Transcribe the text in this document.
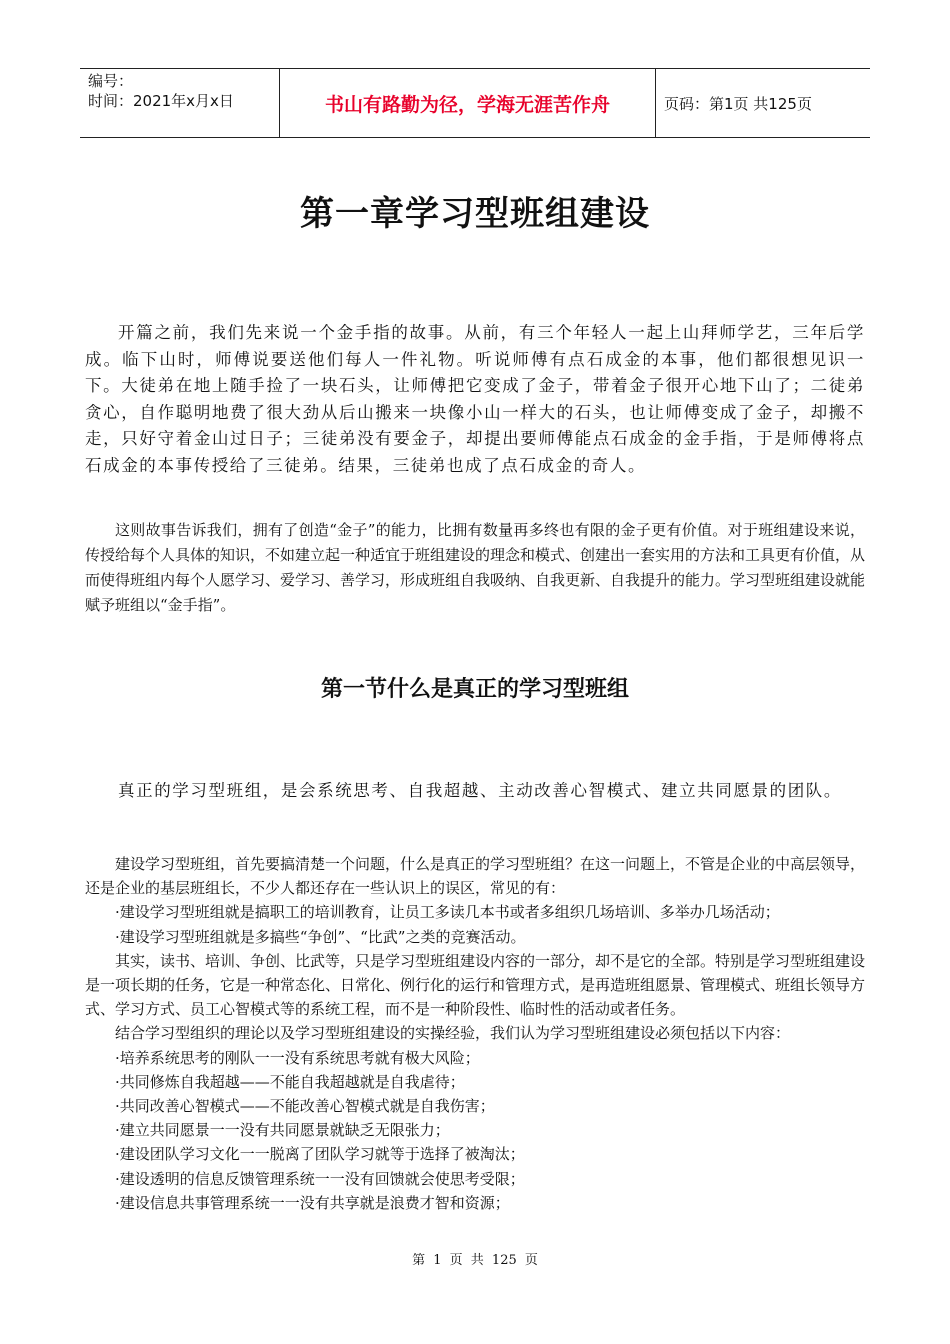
编号：
时间：2021年x月x日	书山有路勤为径，学海无涯苦作舟	页码：第1页 共125页
第一章学习型班组建设

开篇之前，我们先来说一个金手指的故事。从前，有三个年轻人一起上山拜师学艺，三年后学成。临下山时，师傅说要送他们每人一件礼物。听说师傅有点石成金的本事，他们都很想见识一下。大徒弟在地上随手捡了一块石头，让师傅把它变成了金子，带着金子很开心地下山了；二徒弟贪心，自作聪明地费了很大劲从后山搬来一块像小山一样大的石头，也让师傅变成了金子，却搬不走，只好守着金山过日子；三徒弟没有要金子，却提出要师傅能点石成金的金手指，于是师傅将点石成金的本事传授给了三徒弟。结果，三徒弟也成了点石成金的奇人。

这则故事告诉我们，拥有了创造“金子”的能力，比拥有数量再多终也有限的金子更有价值。对于班组建设来说，传授给每个人具体的知识，不如建立起一种适宜于班组建设的理念和模式、创建出一套实用的方法和工具更有价值，从而使得班组内每个人愿学习、爱学习、善学习，形成班组自我吸纳、自我更新、自我提升的能力。学习型班组建设就能赋予班组以“金手指”。

第一节什么是真正的学习型班组

真正的学习型班组，是会系统思考、自我超越、主动改善心智模式、建立共同愿景的团队。

建设学习型班组，首先要搞清楚一个问题，什么是真正的学习型班组？在这一问题上，不管是企业的中高层领导，还是企业的基层班组长，不少人都还存在一些认识上的误区，常见的有：

·建设学习型班组就是搞职工的培训教育，让员工多读几本书或者多组织几场培训、多举办几场活动；

·建设学习型班组就是多搞些“争创”、“比武”之类的竞赛活动。

其实，读书、培训、争创、比武等，只是学习型班组建设内容的一部分，却不是它的全部。特别是学习型班组建设是一项长期的任务，它是一种常态化、日常化、例行化的运行和管理方式，是再造班组愿景、管理模式、班组长领导方式、学习方式、员工心智模式等的系统工程，而不是一种阶段性、临时性的活动或者任务。

结合学习型组织的理论以及学习型班组建设的实操经验，我们认为学习型班组建设必须包括以下内容：

·培养系统思考的刚队一一没有系统思考就有极大风险；

·共同修炼自我超越——不能自我超越就是自我虐待；

·共同改善心智模式——不能改善心智模式就是自我伤害；

·建立共同愿景一一没有共同愿景就缺乏无限张力；

·建设团队学习文化一一脱离了团队学习就等于选择了被淘汰；

·建设透明的信息反馈管理系统一一没有回馈就会使思考受限；

·建设信息共事管理系统一一没有共享就是浪费才智和资源；

第 1 页 共 125 页
